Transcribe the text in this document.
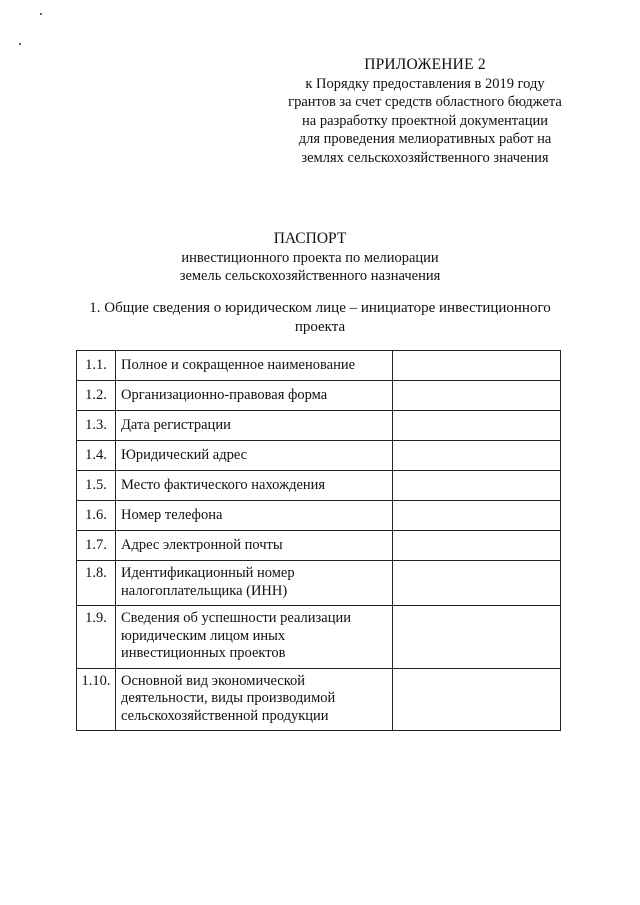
ПРИЛОЖЕНИЕ 2
к Порядку предоставления в 2019 году
грантов за счет средств областного бюджета
на разработку проектной документации
для проведения мелиоративных работ на
землях сельскохозяйственного значения
ПАСПОРТ
инвестиционного проекта по мелиорации
земель сельскохозяйственного назначения
1. Общие сведения о юридическом лице – инициаторе инвестиционного
проекта
1.1.	Полное и сокращенное наименование	
1.2.	Организационно-правовая форма	
1.3.	Дата регистрации	
1.4.	Юридический адрес	
1.5.	Место фактического нахождения	
1.6.	Номер телефона	
1.7.	Адрес электронной почты	
1.8.	Идентификационный номер налогоплательщика (ИНН)	
1.9.	Сведения об успешности реализации юридическим лицом иных инвестиционных проектов	
1.10.	Основной вид экономической деятельности, виды производимой сельскохозяйственной продукции	
